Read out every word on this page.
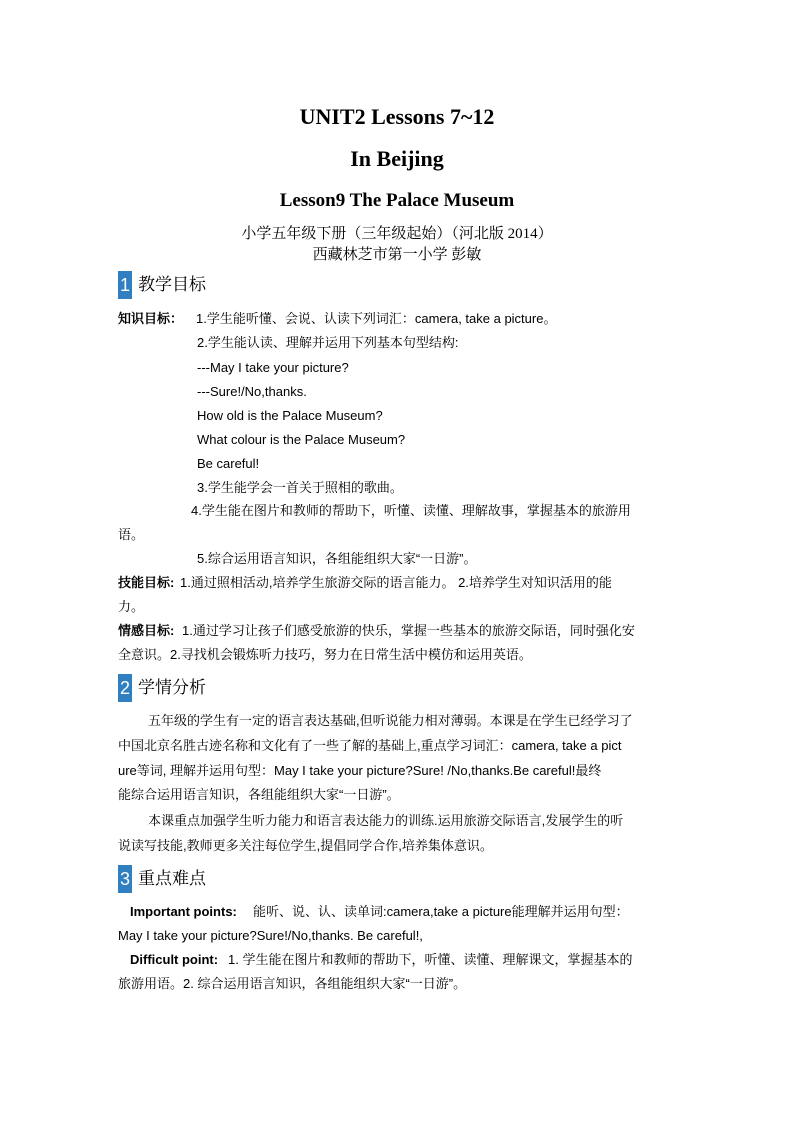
UNIT2 Lessons 7~12
In Beijing
Lesson9 The Palace Museum
小学五年级下册（三年级起始）（河北版 2014）
西藏林芝市第一小学 彭敏
1 教学目标
知识目标： 1.学生能听懂、会说、认读下列词汇：camera, take a picture。
2.学生能认读、理解并运用下列基本句型结构:
---May I take your picture?
---Sure!/No,thanks.
How old is the Palace Museum?
What colour is the Palace Museum?
Be careful!
3.学生能学会一首关于照相的歌曲。
4.学生能在图片和教师的帮助下，听懂、读懂、理解故事，掌握基本的旅游用
语。
5.综合运用语言知识，各组能组织大家“一日游”。
技能目标: 1.通过照相活动,培养学生旅游交际的语言能力。 2.培养学生对知识活用的能
力。
情感目标: 1.通过学习让孩子们感受旅游的快乐，掌握一些基本的旅游交际语，同时强化安
全意识。2.寻找机会锻炼听力技巧，努力在日常生活中模仿和运用英语。
2 学情分析
五年级的学生有一定的语言表达基础,但听说能力相对薄弱。本课是在学生已经学习了
中国北京名胜古迹名称和文化有了一些了解的基础上,重点学习词汇：camera, take a pict
ure等词, 理解并运用句型：May I take your picture?Sure! /No,thanks.Be careful!最终
能综合运用语言知识，各组能组织大家“一日游”。
本课重点加强学生听力能力和语言表达能力的训练.运用旅游交际语言,发展学生的听
说读写技能,教师更多关注每位学生,提倡同学合作,培养集体意识。
3 重点难点
Important points: 能听、说、认、读单词:camera,take a picture能理解并运用句型：
May I take your picture?Sure!/No,thanks. Be careful!,
Difficult point: 1. 学生能在图片和教师的帮助下，听懂、读懂、理解课文，掌握基本的
旅游用语。2. 综合运用语言知识，各组能组织大家“一日游”。
